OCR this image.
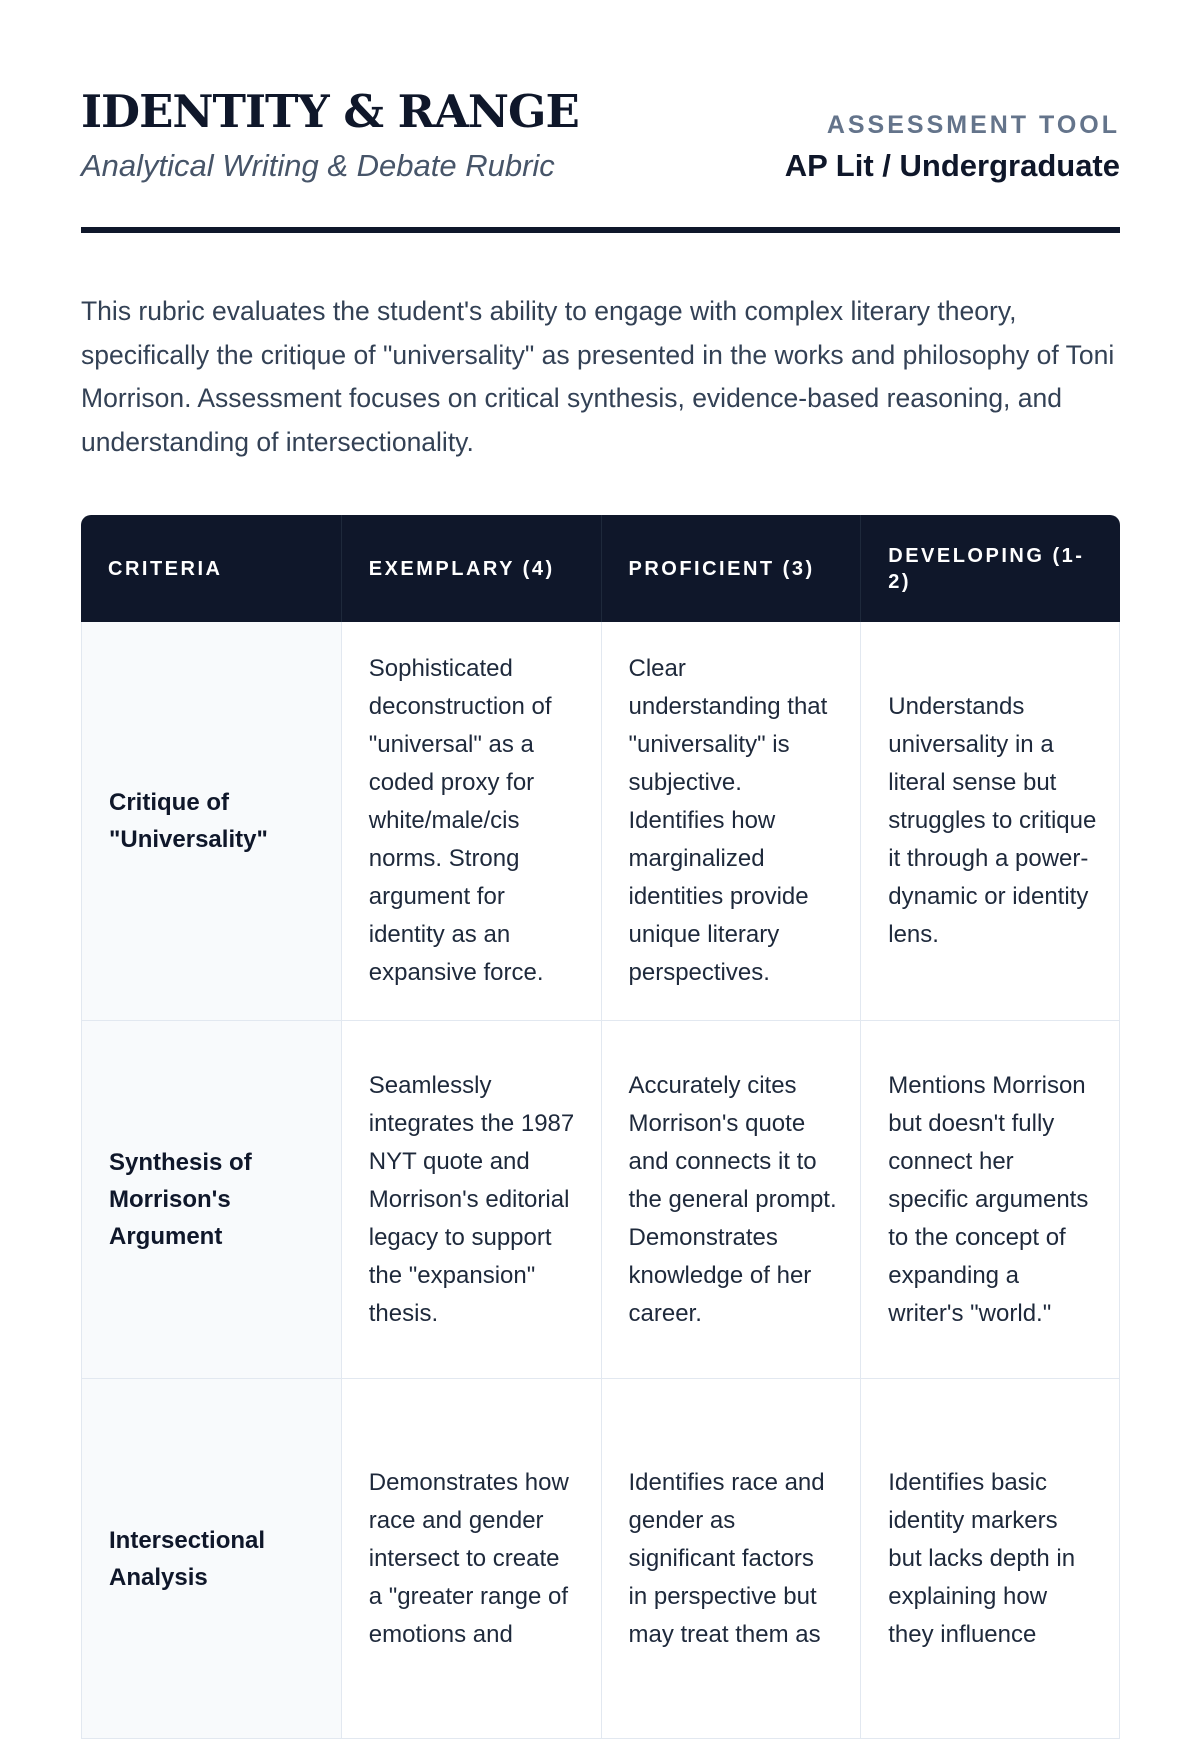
IDENTITY & RANGE
Analytical Writing & Debate Rubric
ASSESSMENT TOOL
AP Lit / Undergraduate

This rubric evaluates the student's ability to engage with complex literary theory, specifically the critique of "universality" as presented in the works and philosophy of Toni Morrison. Assessment focuses on critical synthesis, evidence-based reasoning, and understanding of intersectionality.

CRITERIA	EXEMPLARY (4)	PROFICIENT (3)	DEVELOPING (1-2)
Critique of "Universality"	Sophisticated deconstruction of "universal" as a coded proxy for white/male/cis norms. Strong argument for identity as an expansive force.	Clear understanding that "universality" is subjective. Identifies how marginalized identities provide unique literary perspectives.	Understands universality in a literal sense but struggles to critique it through a power-dynamic or identity lens.
Synthesis of Morrison's Argument	Seamlessly integrates the 1987 NYT quote and Morrison's editorial legacy to support the "expansion" thesis.	Accurately cites Morrison's quote and connects it to the general prompt. Demonstrates knowledge of her career.	Mentions Morrison but doesn't fully connect her specific arguments to the concept of expanding a writer's "world."
Intersectional Analysis	Demonstrates how race and gender intersect to create a "greater range of emotions and	Identifies race and gender as significant factors in perspective but may treat them as	Identifies basic identity markers but lacks depth in explaining how they influence
